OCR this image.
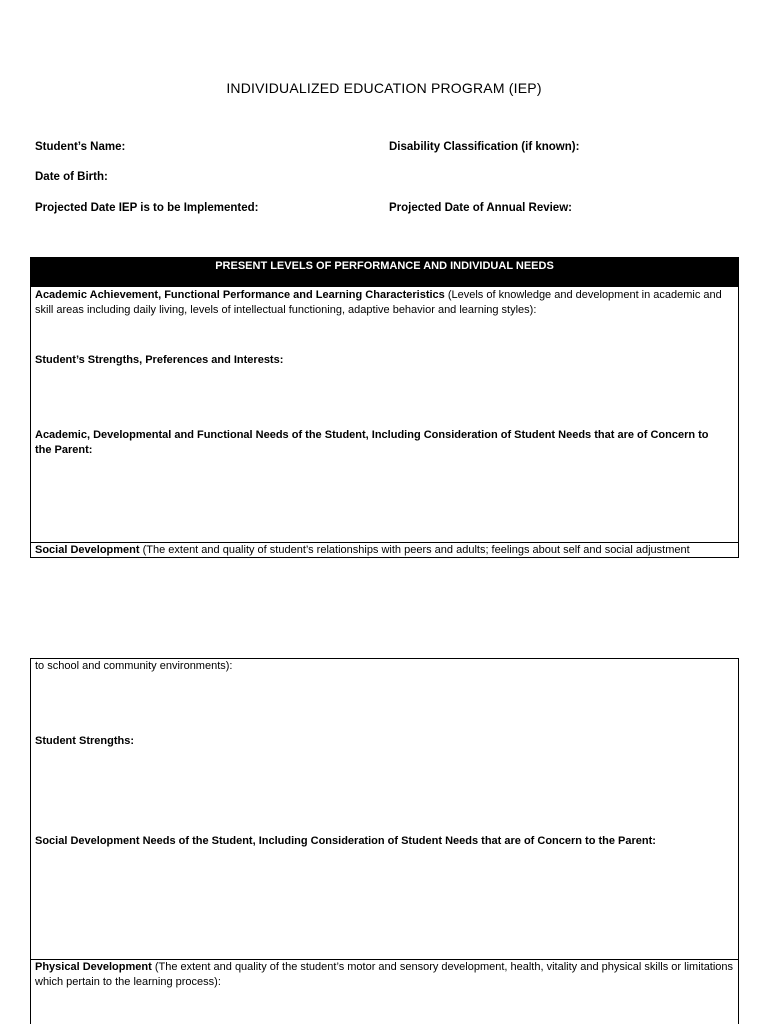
INDIVIDUALIZED EDUCATION PROGRAM (IEP)
Student’s Name:	Disability Classification (if known):
Date of Birth:
Projected Date IEP is to be Implemented:	Projected Date of Annual Review:
PRESENT LEVELS OF PERFORMANCE AND INDIVIDUAL NEEDS
Academic Achievement, Functional Performance and Learning Characteristics (Levels of knowledge and development in academic and skill areas including daily living, levels of intellectual functioning, adaptive behavior and learning styles):
Student’s Strengths, Preferences and Interests:
Academic, Developmental and Functional Needs of the Student, Including Consideration of Student Needs that are of Concern to the Parent:
Social Development (The extent and quality of student’s relationships with peers and adults; feelings about self and social adjustment
to school and community environments):
Student Strengths:
Social Development Needs of the Student, Including Consideration of Student Needs that are of Concern to the Parent:
Physical Development (The extent and quality of the student’s motor and sensory development, health, vitality and physical skills or limitations which pertain to the learning process):
